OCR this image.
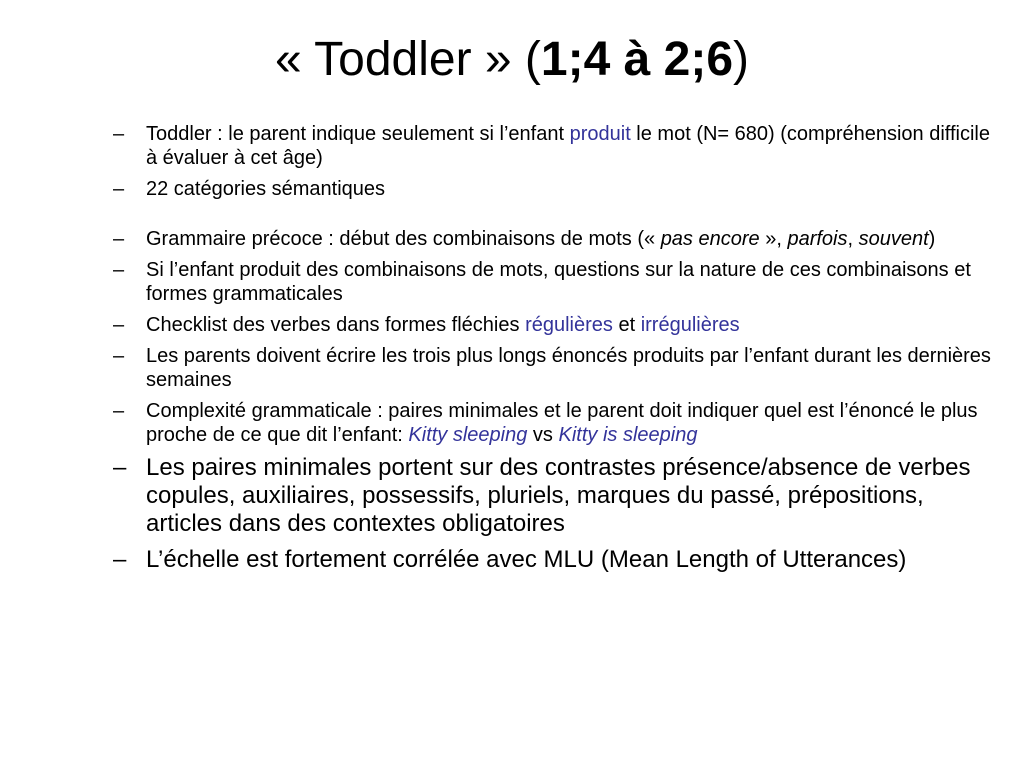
« Toddler » (1;4 à 2;6)
– Toddler : le parent indique seulement si l’enfant produit le mot (N= 680) (compréhension difficile à évaluer à cet âge)
– 22 catégories sémantiques
– Grammaire précoce : début des combinaisons de mots (« pas encore », parfois, souvent)
– Si l’enfant produit des combinaisons de mots, questions sur la nature de ces combinaisons et formes grammaticales
– Checklist des verbes dans formes fléchies régulières et irrégulières
– Les parents doivent écrire les trois plus longs énoncés produits par l’enfant durant les dernières semaines
– Complexité grammaticale : paires minimales et le parent doit indiquer quel est l’énoncé le plus proche de ce que dit l’enfant: Kitty sleeping vs Kitty is sleeping
– Les paires minimales portent sur des contrastes présence/absence de verbes copules, auxiliaires, possessifs, pluriels, marques du passé, prépositions, articles dans des contextes obligatoires
– L’échelle est fortement corrélée avec MLU (Mean Length of Utterances)
